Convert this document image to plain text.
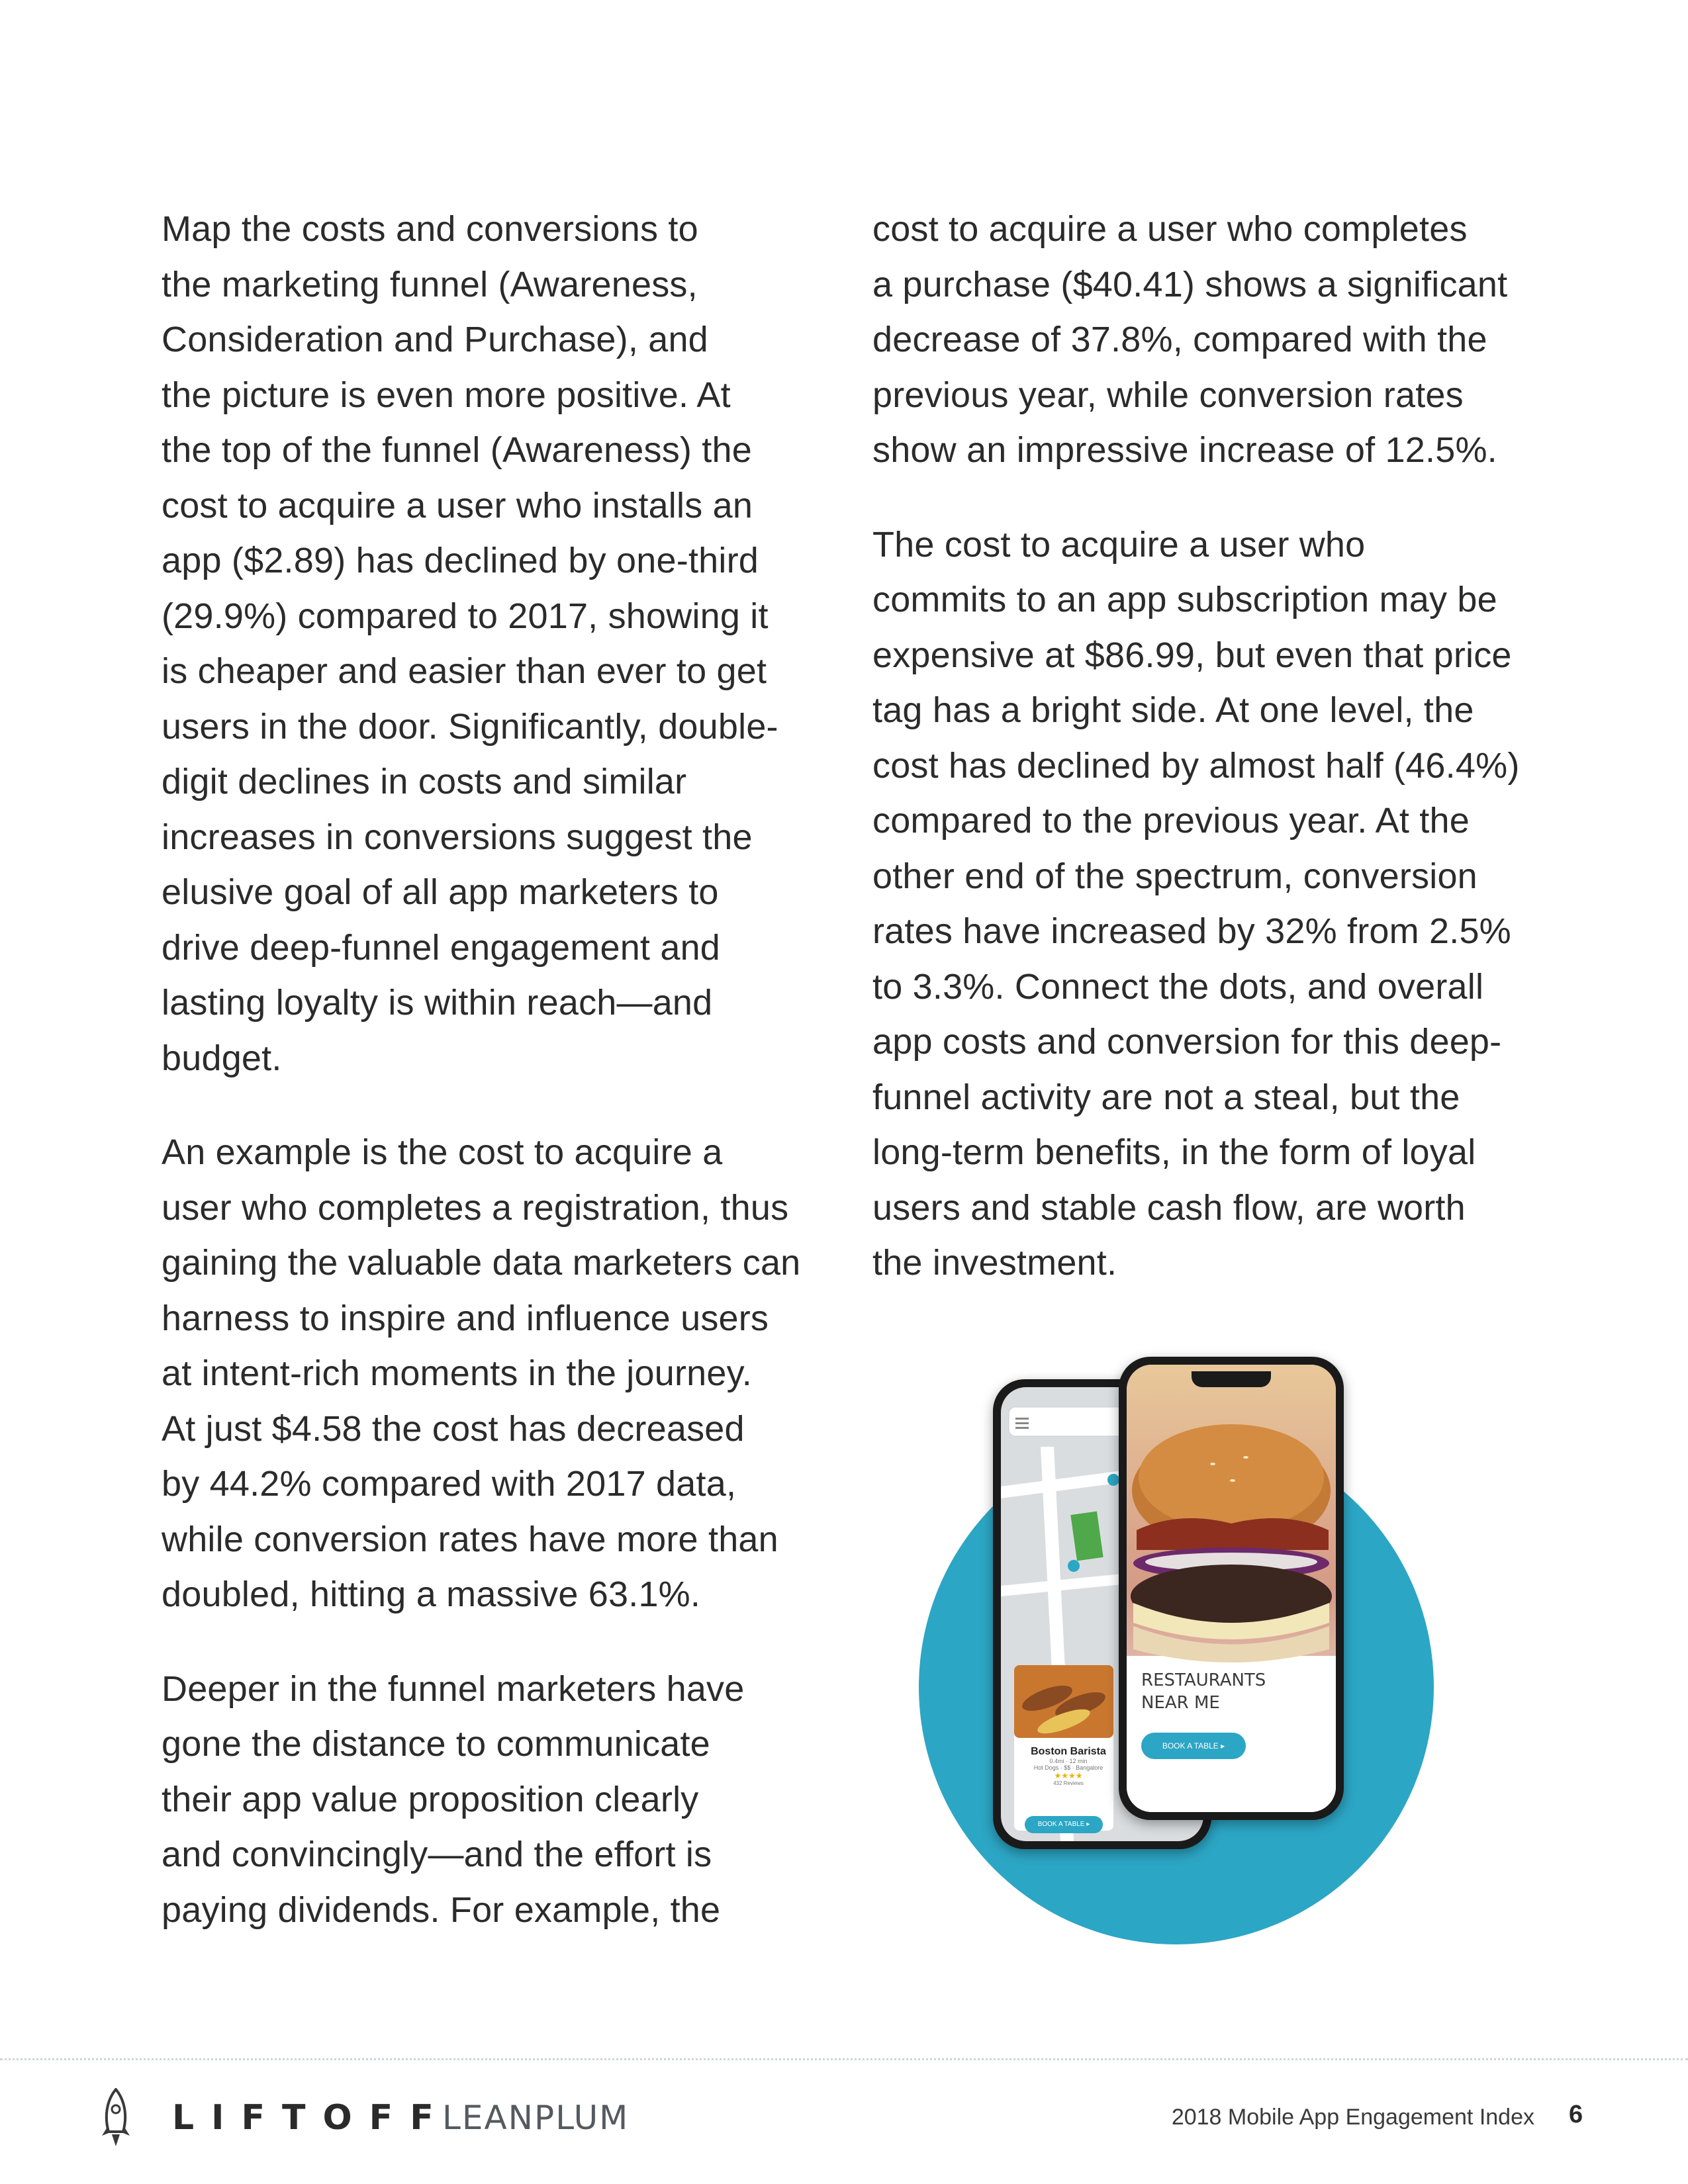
Map the costs and conversions to
the marketing funnel (Awareness,
Consideration and Purchase), and
the picture is even more positive. At
the top of the funnel (Awareness) the
cost to acquire a user who installs an
app ($2.89) has declined by one-third
(29.9%) compared to 2017, showing it
is cheaper and easier than ever to get
users in the door. Significantly, double-
digit declines in costs and similar
increases in conversions suggest the
elusive goal of all app marketers to
drive deep-funnel engagement and
lasting loyalty is within reach—and
budget.

An example is the cost to acquire a
user who completes a registration, thus
gaining the valuable data marketers can
harness to inspire and influence users
at intent-rich moments in the journey.
At just $4.58 the cost has decreased
by 44.2% compared with 2017 data,
while conversion rates have more than
doubled, hitting a massive 63.1%.

Deeper in the funnel marketers have
gone the distance to communicate
their app value proposition clearly
and convincingly—and the effort is
paying dividends. For example, the

cost to acquire a user who completes
a purchase ($40.41) shows a significant
decrease of 37.8%, compared with the
previous year, while conversion rates
show an impressive increase of 12.5%.

The cost to acquire a user who
commits to an app subscription may be
expensive at $86.99, but even that price
tag has a bright side. At one level, the
cost has declined by almost half (46.4%)
compared to the previous year. At the
other end of the spectrum, conversion
rates have increased by 32% from 2.5%
to 3.3%. Connect the dots, and overall
app costs and conversion for this deep-
funnel activity are not a steal, but the
long-term benefits, in the form of loyal
users and stable cash flow, are worth
the investment.

Boston Barista
0.4mi · 12 min
Hot Dogs · $$ · Bangalore
★★★★
432 Reviews
BOOK A TABLE ▸
RESTAURANTS
NEAR ME
BOOK A TABLE ▸
LIFTOFF
LEANPLUM	2018 Mobile App Engagement Index 6
